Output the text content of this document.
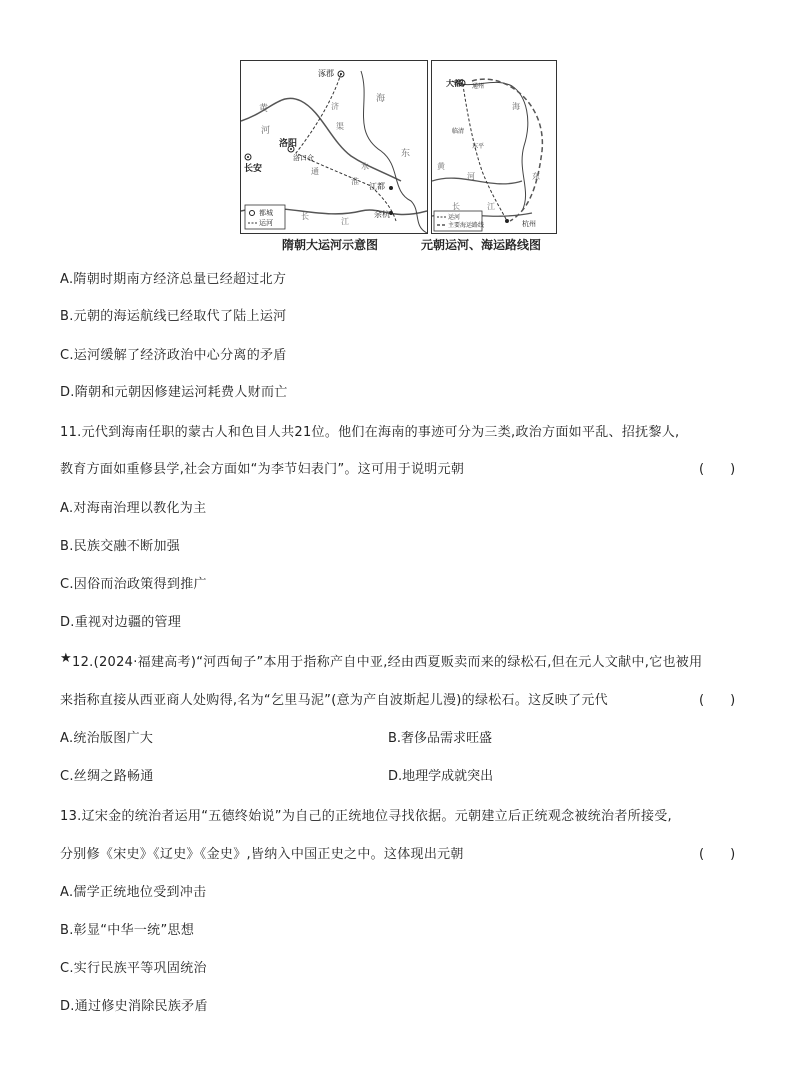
涿郡
洛阳
洛口仓
长安
江都
余杭
黄
河
海
东
渠
济
通
淮
长
江
水
都城
运河
大都 通州
临清
东平
杭州
黄
海
河	东
长	江
运河
主要海运路线
隋朝大运河示意图	元朝运河、海运路线图
A.隋朝时期南方经济总量已经超过北方
B.元朝的海运航线已经取代了陆上运河
C.运河缓解了经济政治中心分离的矛盾
D.隋朝和元朝因修建运河耗费人财而亡
11.元代到海南任职的蒙古人和色目人共21位。他们在海南的事迹可分为三类,政治方面如平乱、招抚黎人,
教育方面如重修县学,社会方面如“为李节妇表门”。这可用于说明元朝	(　　)
A.对海南治理以教化为主
B.民族交融不断加强
C.因俗而治政策得到推广
D.重视对边疆的管理
★ 12.(2024·福建高考)“河西甸子”本用于指称产自中亚,经由西夏贩卖而来的绿松石,但在元人文献中,它也被用
来指称直接从西亚商人处购得,名为“乞里马泥”(意为产自波斯起儿漫)的绿松石。这反映了元代	(　　)
A.统治版图广大	B.奢侈品需求旺盛
C.丝绸之路畅通	D.地理学成就突出
13.辽宋金的统治者运用“五德终始说”为自己的正统地位寻找依据。元朝建立后正统观念被统治者所接受,
分别修《宋史》《辽史》《金史》,皆纳入中国正史之中。这体现出元朝	(　　)
A.儒学正统地位受到冲击
B.彰显“中华一统”思想
C.实行民族平等巩固统治
D.通过修史消除民族矛盾
